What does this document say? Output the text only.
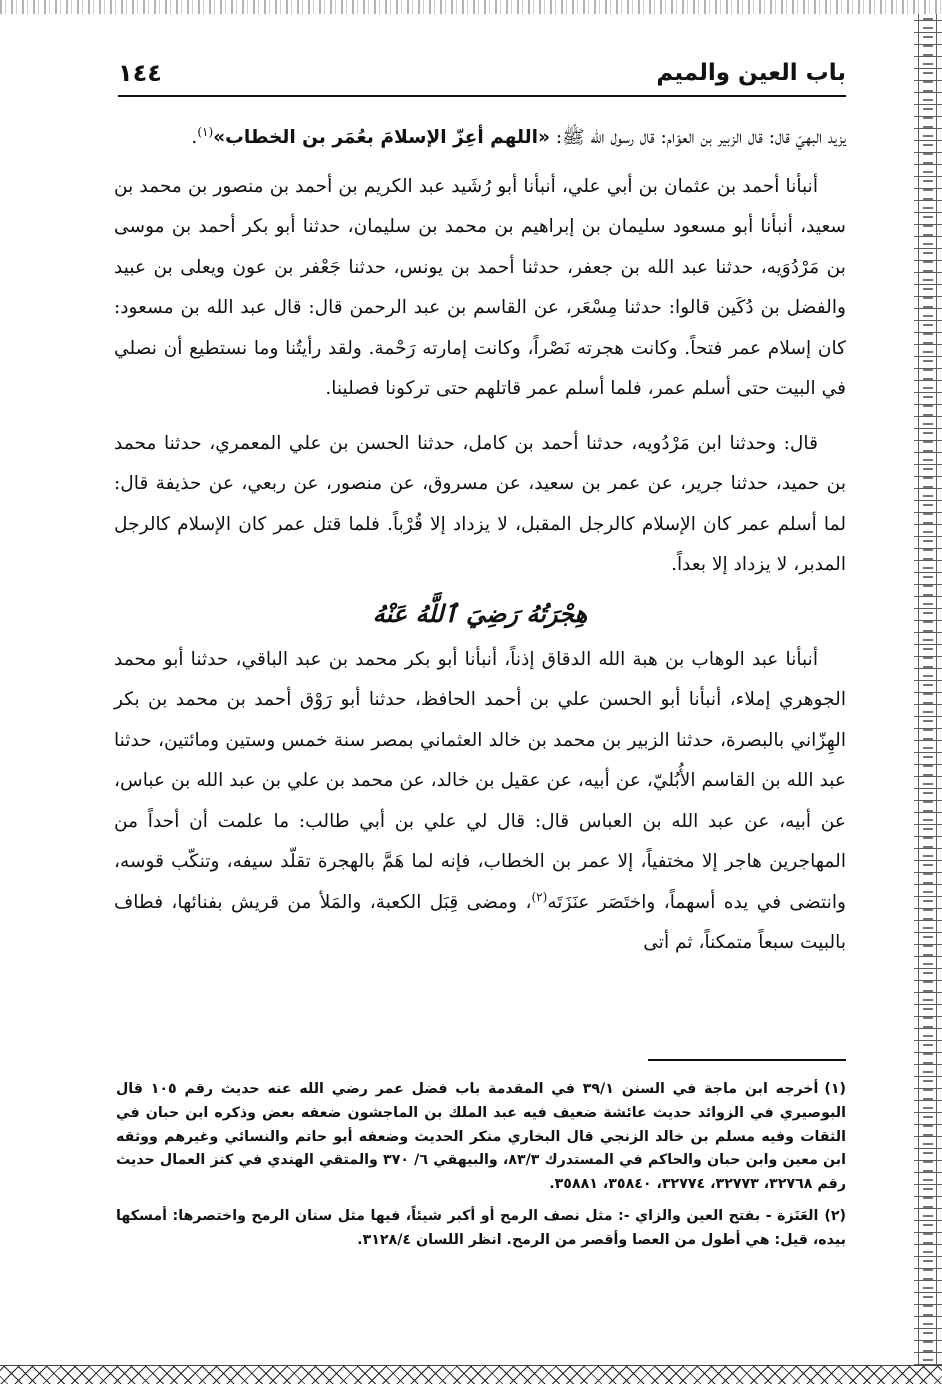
باب العين والميم
١٤٤

يزيد البهيّ قال: قال الزبير بن العوّام: قال رسول الله ﷺ: «اللهم أعِزّ الإسلامَ بعُمَر بن الخطاب»$^{(١)}$.

أنبأنا أحمد بن عثمان بن أبي علي، أنبأنا أبو رُشَيد عبد الكريم بن أحمد بن منصور بن محمد بن سعيد، أنبأنا أبو مسعود سليمان بن إبراهيم بن محمد بن سليمان، حدثنا أبو بكر أحمد بن موسى بن مَرْدُوَيه، حدثنا عبد الله بن جعفر، حدثنا أحمد بن يونس، حدثنا جَعْفر بن عون ويعلى بن عبيد والفضل بن دُكَين قالوا: حدثنا مِسْعَر، عن القاسم بن عبد الرحمن قال: قال عبد الله بن مسعود: كان إسلام عمر فتحاً. وكانت هجرته نَصْراً، وكانت إمارته رَحْمة. ولقد رأيتُنا وما نستطيع أن نصلي في البيت حتى أسلم عمر، فلما أسلم عمر قاتلهم حتى تركونا فصلينا.

قال: وحدثنا ابن مَرْدُويه، حدثنا أحمد بن كامل، حدثنا الحسن بن علي المعمري، حدثنا محمد بن حميد، حدثنا جرير، عن عمر بن سعيد، عن مسروق، عن منصور، عن ربعي، عن حذيفة قال: لما أسلم عمر كان الإسلام كالرجل المقبل، لا يزداد إلا قُرْباً. فلما قتل عمر كان الإسلام كالرجل المدبر، لا يزداد إلا بعداً.

هِجْرَتُهُ رَضِيَ ٱللَّهُ عَنْهُ

أنبأنا عبد الوهاب بن هبة الله الدقاق إذناً، أنبأنا أبو بكر محمد بن عبد الباقي، حدثنا أبو محمد الجوهري إملاء، أنبأنا أبو الحسن علي بن أحمد الحافظ، حدثنا أبو رَوْق أحمد بن محمد بن بكر الهِزّاني بالبصرة، حدثنا الزبير بن محمد بن خالد العثماني بمصر سنة خمس وستين ومائتين، حدثنا عبد الله بن القاسم الأُبُليّ، عن أبيه، عن عقيل بن خالد، عن محمد بن علي بن عبد الله بن عباس، عن أبيه، عن عبد الله بن العباس قال: قال لي علي بن أبي طالب: ما علمت أن أحداً من المهاجرين هاجر إلا مختفياً، إلا عمر بن الخطاب، فإنه لما هَمَّ بالهجرة تقلّد سيفه، وتنكّب قوسه، وانتضى في يده أسهماً، واختَصَر عنَزَتَه$^{(٢)}$، ومضى قِبَل الكعبة، والمَلأ من قريش بفنائها، فطاف بالبيت سبعاً متمكناً، ثم أتى

(١)أخرجه ابن ماجة في السنن ٣٩/١ في المقدمة باب فضل عمر رضي الله عنه حديث رقم ١٠٥ قال البوصيري في الزوائد حديث عائشة ضعيف فيه عبد الملك بن الماجشون ضعفه بعض وذكره ابن حبان في الثقات وفيه مسلم بن خالد الزنجي قال البخاري منكر الحديث وضعفه أبو حاتم والنسائي وغيرهم ووثقه ابن معين وابن حبان والحاكم في المستدرك ٨٣/٣، والبيهقي ٦/ ٣٧٠ والمتقي الهندي في كنز العمال حديث رقم ٣٢٧٦٨، ٣٢٧٧٣، ٣٢٧٧٤، ٣٥٨٤٠، ٣٥٨٨١.

(٢)العَنَزة - بفتح العين والزاي -: مثل نصف الرمح أو أكبر شيئاً، فيها مثل سنان الرمح واختصرها: أمسكها بيده، قيل: هي أطول من العصا وأقصر من الرمح. انظر اللسان ٣١٢٨/٤.
